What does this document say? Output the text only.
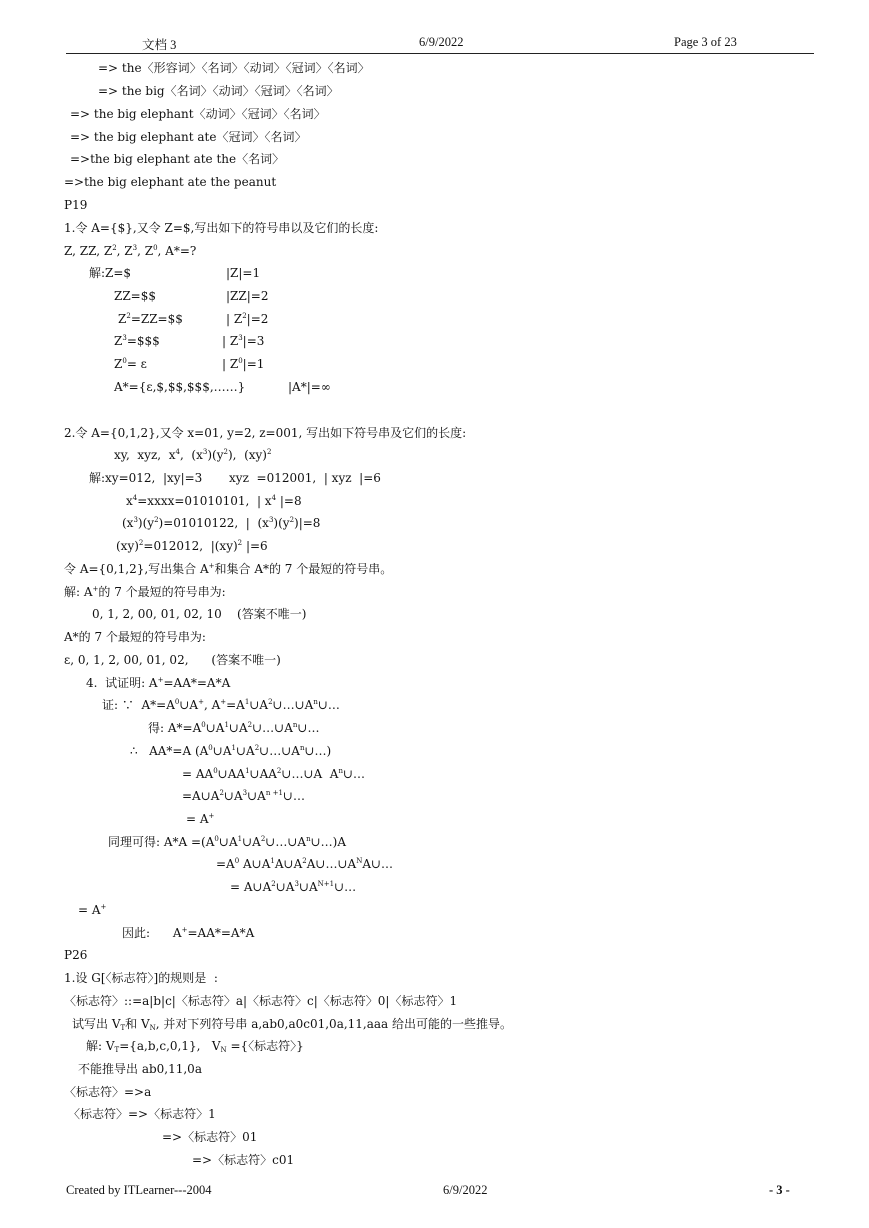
文档 3	6/9/2022	Page 3 of 23
=> the〈形容词〉〈名词〉〈动词〉〈冠词〉〈名词〉
=> the big〈名词〉〈动词〉〈冠词〉〈名词〉
=> the big elephant〈动词〉〈冠词〉〈名词〉
=> the big elephant ate〈冠词〉〈名词〉
=>the big elephant ate the〈名词〉
=>the big elephant ate the peanut
P19
1.令 A={$},又令 Z=$,写出如下的符号串以及它们的长度:
Z, ZZ, $Z^2$, $Z^3$, $Z^0$, A*=?
解:Z=$	|Z|=1
ZZ=$$	|ZZ|=2
$Z^2=ZZ=\$\$$	| $Z^2|=2$
$Z^3=\$\$\$$	| $Z^3|=3$
$Z^0= \varepsilon$	| $Z^0|=1$
A*={ε,$,$$,$$$,……}	|A*|=∞
2.令 A={0,1,2},又令 x=01, y=2, z=001, 写出如下符号串及它们的长度:
xy,  xyz,  $x^4$,  $(x^3)(y^2)$,  (xy)$^2$
解:xy=012,  |xy|=3       xyz  =012001,  | xyz  |=6
$x^4=xxxx=01010101$,  | $x^4$ |=8
$(x^3)(y^2)=01010122$,  |  $(x^3)(y^2)|=8$
(xy)$^2$=012012,  |(xy)$^2$ |=6
令 A={0,1,2},写出集合 A+和集合 A*的 7 个最短的符号串。
解: A+的 7 个最短的符号串为:
0, 1, 2, 00, 01, 02, 10    (答案不唯一)
A*的 7 个最短的符号串为:
ε, 0, 1, 2, 00, 01, 02,      (答案不唯一)
4.  试证明: A+=AA*=A*A
证: ∵  $A*=A^0\cup A^+$, $A^+=A^1\cup A^2\cup\dots\cup A^n\cup\dots$
得: $A*=A^0\cup A^1\cup A^2\cup\dots\cup A^n\cup\dots$
∴   AA*=A $(A^0\cup A^1\cup A^2\cup\dots\cup A^n\cup\dots)$
= $AA^0\cup AA^1\cup AA^2\cup\dots\cup A$  $A^n\cup\dots$
$=A\cup A^2\cup A^3\cup A^{n +1}\cup\dots$
= A+
同理可得: $A*A =(A^0\cup A^1\cup A^2\cup\dots\cup A^n\cup\dots)A$
$=A^0$ $A\cup A^1A\cup A^2A\cup\dots\cup A^NA\cup\dots$
= $A\cup A^2\cup A^3\cup A^{N+1}\cup\dots$
= A+
因此:      A+=AA*=A*A
P26
1.设 G[〈标志符〉]的规则是  :
〈标志符〉::=a|b|c|〈标志符〉a|〈标志符〉c|〈标志符〉0|〈标志符〉1
试写出 $V_T$和 $V_N$, 并对下列符号串 a,ab0,a0c01,0a,11,aaa 给出可能的一些推导。
解: $V_T=\{a,b,c,0,1\}$,   $V_N$ ={〈标志符〉}
不能推导出 ab0,11,0a
〈标志符〉=>a
〈标志符〉=>〈标志符〉1
=>〈标志符〉01
=>〈标志符〉c01
Created by ITLearner---2004	6/9/2022	- 3 -
